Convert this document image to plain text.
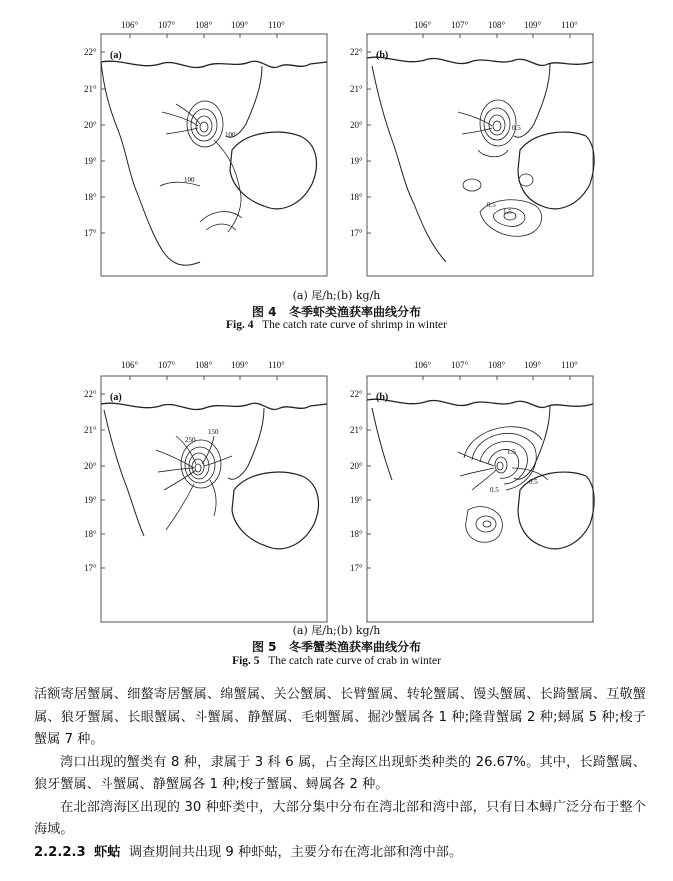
(a)
100
100
106° 107° 108° 109° 110°
22°
21°
20°
19°
18°
17°
(b)
0.5
0.5
1.5
106° 107° 108° 109° 110°
22°
21°
20°
19°
18°
17°
(a) 尾/h;(b) kg/h
图 4 冬季虾类渔获率曲线分布
Fig. 4 The catch rate curve of shrimp in winter
(a)
150
250
106° 107° 108° 109° 110°
22°
21°
20°
19°
18°
17°
(b)
1.5
0.5
0.5
106° 107° 108° 109° 110°
22°
21°
20°
19°
18°
17°
(a) 尾/h;(b) kg/h
图 5 冬季蟹类渔获率曲线分布
Fig. 5 The catch rate curve of crab in winter

活额寄居蟹属、细螯寄居蟹属、绵蟹属、关公蟹属、长臂蟹属、转轮蟹属、馒头蟹属、长踦蟹属、互敬蟹属、狼牙蟹属、长眼蟹属、斗蟹属、静蟹属、毛刺蟹属、掘沙蟹属各 1 种;隆背蟹属 2 种;蟳属 5 种;梭子蟹属 7 种。

湾口出现的蟹类有 8 种，隶属于 3 科 6 属，占全海区出现虾类种类的 26.67%。其中，长踦蟹属、狼牙蟹属、斗蟹属、静蟹属各 1 种;梭子蟹属、蟳属各 2 种。

在北部湾海区出现的 30 种虾类中，大部分集中分布在湾北部和湾中部，只有日本蟳广泛分布于整个海域。

2.2.2.3 虾蛄 调查期间共出现 9 种虾蛄，主要分布在湾北部和湾中部。
